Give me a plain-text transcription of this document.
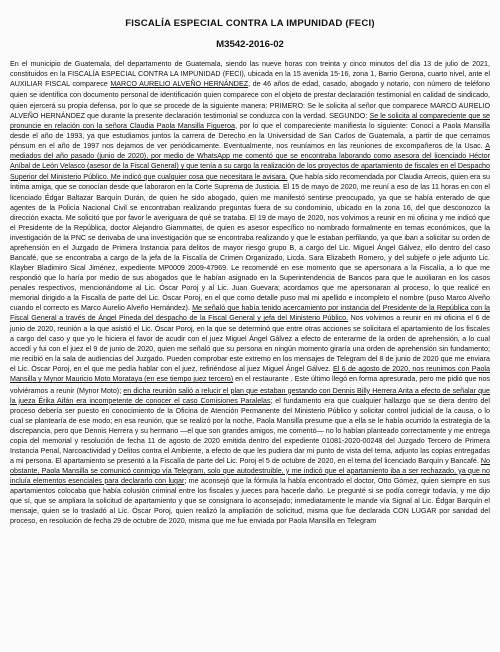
FISCALÍA ESPECIAL CONTRA LA IMPUNIDAD (FECI)
M3542-2016-02

En el municipio de Guatemala, del departamento de Guatemala, siendo las nueve horas con treinta y cinco minutos del día 13 de julio de 2021, constituidos en la FISCALÍA ESPECIAL CONTRA LA IMPUNIDAD (FECI), ubicada en la 15 avenida 15-16, zona 1, Barrio Gerona, cuarto nivel, ante el AUXILIAR FISCAL comparece MARCO AURELIO ALVEÑO HERNÁNDEZ, de 46 años de edad, casado, abogado y notario, con número de teléfono quien se identifica con documento personal de identificación quien comparece con el objeto de prestar declaración testimonial en calidad de sindicado, quien ejercerá su propia defensa, por lo que se procede de la siguiente manera: PRIMERO: Se le solicita al señor que comparece MARCO AURELIO ALVEÑO HERNÁNDEZ que durante la presente declaración testimonial se conduzca con la verdad. SEGUNDO: Se le solicita al compareciente que se pronuncie en relación con la señora Claudia Paola Mansilla Figueroa, por lo que el compareciente manifiesta lo siguiente: Conocí a Paola Mansilla desde el año de 1993, ya que estudiamos juntos la carrera de Derecho en la Universidad de San Carlos de Guatemala, a partir de que cerramos pénsum en el año de 1997 nos dejamos de ver periódicamente. Eventualmente, nos reuníamos en las reuniones de excompañeros de la Usac. A mediados del año pasado (junio de 2020), por medio de WhatsApp me comentó que se encontraba laborando como asesora del licenciado Héctor Aníbal de León Velasco (asesor de la Fiscal General) y que tenía a su cargo la realización de los proyectos de apartamiento de fiscales en el Despacho Superior del Ministerio Público. Me indicó que cualquier cosa que necesitara le avisara. Que había sido recomendada por Claudia Arrecis, quien era su íntima amiga, que se conocían desde que laboraron en la Corte Suprema de Justicia. El 15 de mayo de 2020, me reuní a eso de las 11 horas en con el licenciado Édgar Baltazar Barquín Durán, de quien he sido abogado, quien me manifestó sentirse preocupado, ya que se había enterado de que agentes de la Policía Nacional Civil se encontraban realizando preguntas fuera de su condominio, ubicado en la zona 16, del que desconozco la dirección exacta. Me solicitó que por favor le averiguara de qué se trataba. El 19 de mayo de 2020, nos volvimos a reunir en mi oficina y me indicó que el Presidente de la República, doctor Alejandro Giammattei, de quien es asesor específico no nombrado formalmente en temas económicos, que la investigación de la PNC se derivaba de una investigación que se encontraba realizando y que le estaban perfilando, ya que iban a solicitar su orden de aprehensión en el Juzgado de Primera Instancia para delitos de mayor riesgo grupo B, a cargo del Lic. Miguel Ángel Gálvez, ello dentro del caso Bancafé, que se encontraba a cargo de la jefa de la Fiscalía de Crimen Organizado, Licda. Sara Elizabeth Romero, y del subjefe o jefe adjunto Lic. Klayber Bladimiro Sical Jiménez, expediente MP0009 2009-47969. Le recomendé en ese momento que se apersonara a la Fiscalía, a lo que me respondió que lo haría por medio de sus abogados que le habían asignado en la Superintendencia de Bancos para que le auxiliaran en los casos penales respectivos, mencionándome al Lic. Óscar Poroj y al Lic. Juan Guevara; acordamos que me apersonaran al proceso, lo que realicé en memorial dirigido a la Fiscalía de parte del Lic. Óscar Poroj, en el que como detalle puso mal mi apellido e incompleto el nombre (puso Marco Alveño cuando el correcto es Marco Aurelio Alveño Hernández). Me señaló que había tenido acercamiento por instancia del Presidente de la República con la Fiscal General a través de Ángel Pineda del despacho de la Fiscal General y jefa del Ministerio Público. Nos volvimos a reunir en mi oficina el 6 de junio de 2020, reunión a la que asistió el Lic. Óscar Poroj, en la que se determinó que entre otras acciones se solicitara el apartamiento de los fiscales a cargo del caso y que yo le hiciera el favor de acudir con el juez Miguel Ángel Gálvez a efecto de enterarme de la orden de aprehensión, a lo cual accedí y fui con el juez el 9 de junio de 2020, quien me señaló que su persona en ningún momento giraría una orden de aprehensión sin fundamento; me recibió en la sala de audiencias del Juzgado. Pueden comprobar este extremo en los mensajes de Telegram del 8 de junio de 2020 que me enviara el Lic. Óscar Poroj, en el que me pedía hablar con el juez, refiriéndose al juez Miguel Ángel Gálvez. El 6 de agosto de 2020, nos reunimos con Paola Mansilla y Mynor Mauricio Moto Morataya (en ese tiempo juez tercero) en el restaurante . Este último llegó en forma apresurada, pero me pidió que nos volviéramos a reunir (Mynor Moto); en dicha reunión salió a relucir el plan que estaban gestando con Dennis Billy Herrera Arita a efecto de señalar que la jueza Érika Aifán era incompetente de conocer el caso Comisiones Paralelas; el fundamento era que cualquier hallazgo que se diera dentro del proceso debería ser puesto en conocimiento de la Oficina de Atención Permanente del Ministerio Público y solicitar control judicial de la causa, o lo cual se plantearía de ese modo; en esa reunión, que se realizó por la noche, Paola Mansilla presume que a ella se le había ocurrido la estrategia de la discrepancia, pero que Dennis Herrera y su hermano —el que son grandes amigos, me comentó— no lo habían planteado correctamente y me entrega copia del memorial y resolución de fecha 11 de agosto de 2020 emitida dentro del expediente 01081-2020-00248 del Juzgado Tercero de Primera Instancia Penal, Narcoactividad y Delitos contra el Ambiente, a efecto de que les pudiera dar mi punto de vista del tema, adjunto las copias entregadas a mi persona. El apartamiento se presentó a la Fiscalía de parte del Lic. Poroj el 5 de octubre de 2020, en el tema del licenciado Barquín y Bancafé. No obstante, Paola Mansilla se comunicó conmigo vía Telegram, solo que autodestruible, y me indicó que el apartamiento iba a ser rechazado, ya que no incluía elementos esenciales para declararlo con lugar; me aconsejó que la fórmula la había encontrado el doctor, Otto Gómez, quien siempre en sus apartamientos colocaba que había colusión criminal entre los fiscales y jueces para hacerle daño. Le pregunté si se podía corregir todavía, y me dijo que sí, que se ampliara la solicitud de apartamiento y que se consignara lo aconsejado; inmediatamente le mande vía Signal al Lic. Édgar Barquín el mensaje, quien se lo trasladó al Lic. Óscar Poroj, quien realizó la ampliación de solicitud, misma que fue declarada CON LUGAR por sanidad del proceso, en resolución de fecha 29 de octubre de 2020, misma que me fue enviada por Paola Mansilla en Telegram
